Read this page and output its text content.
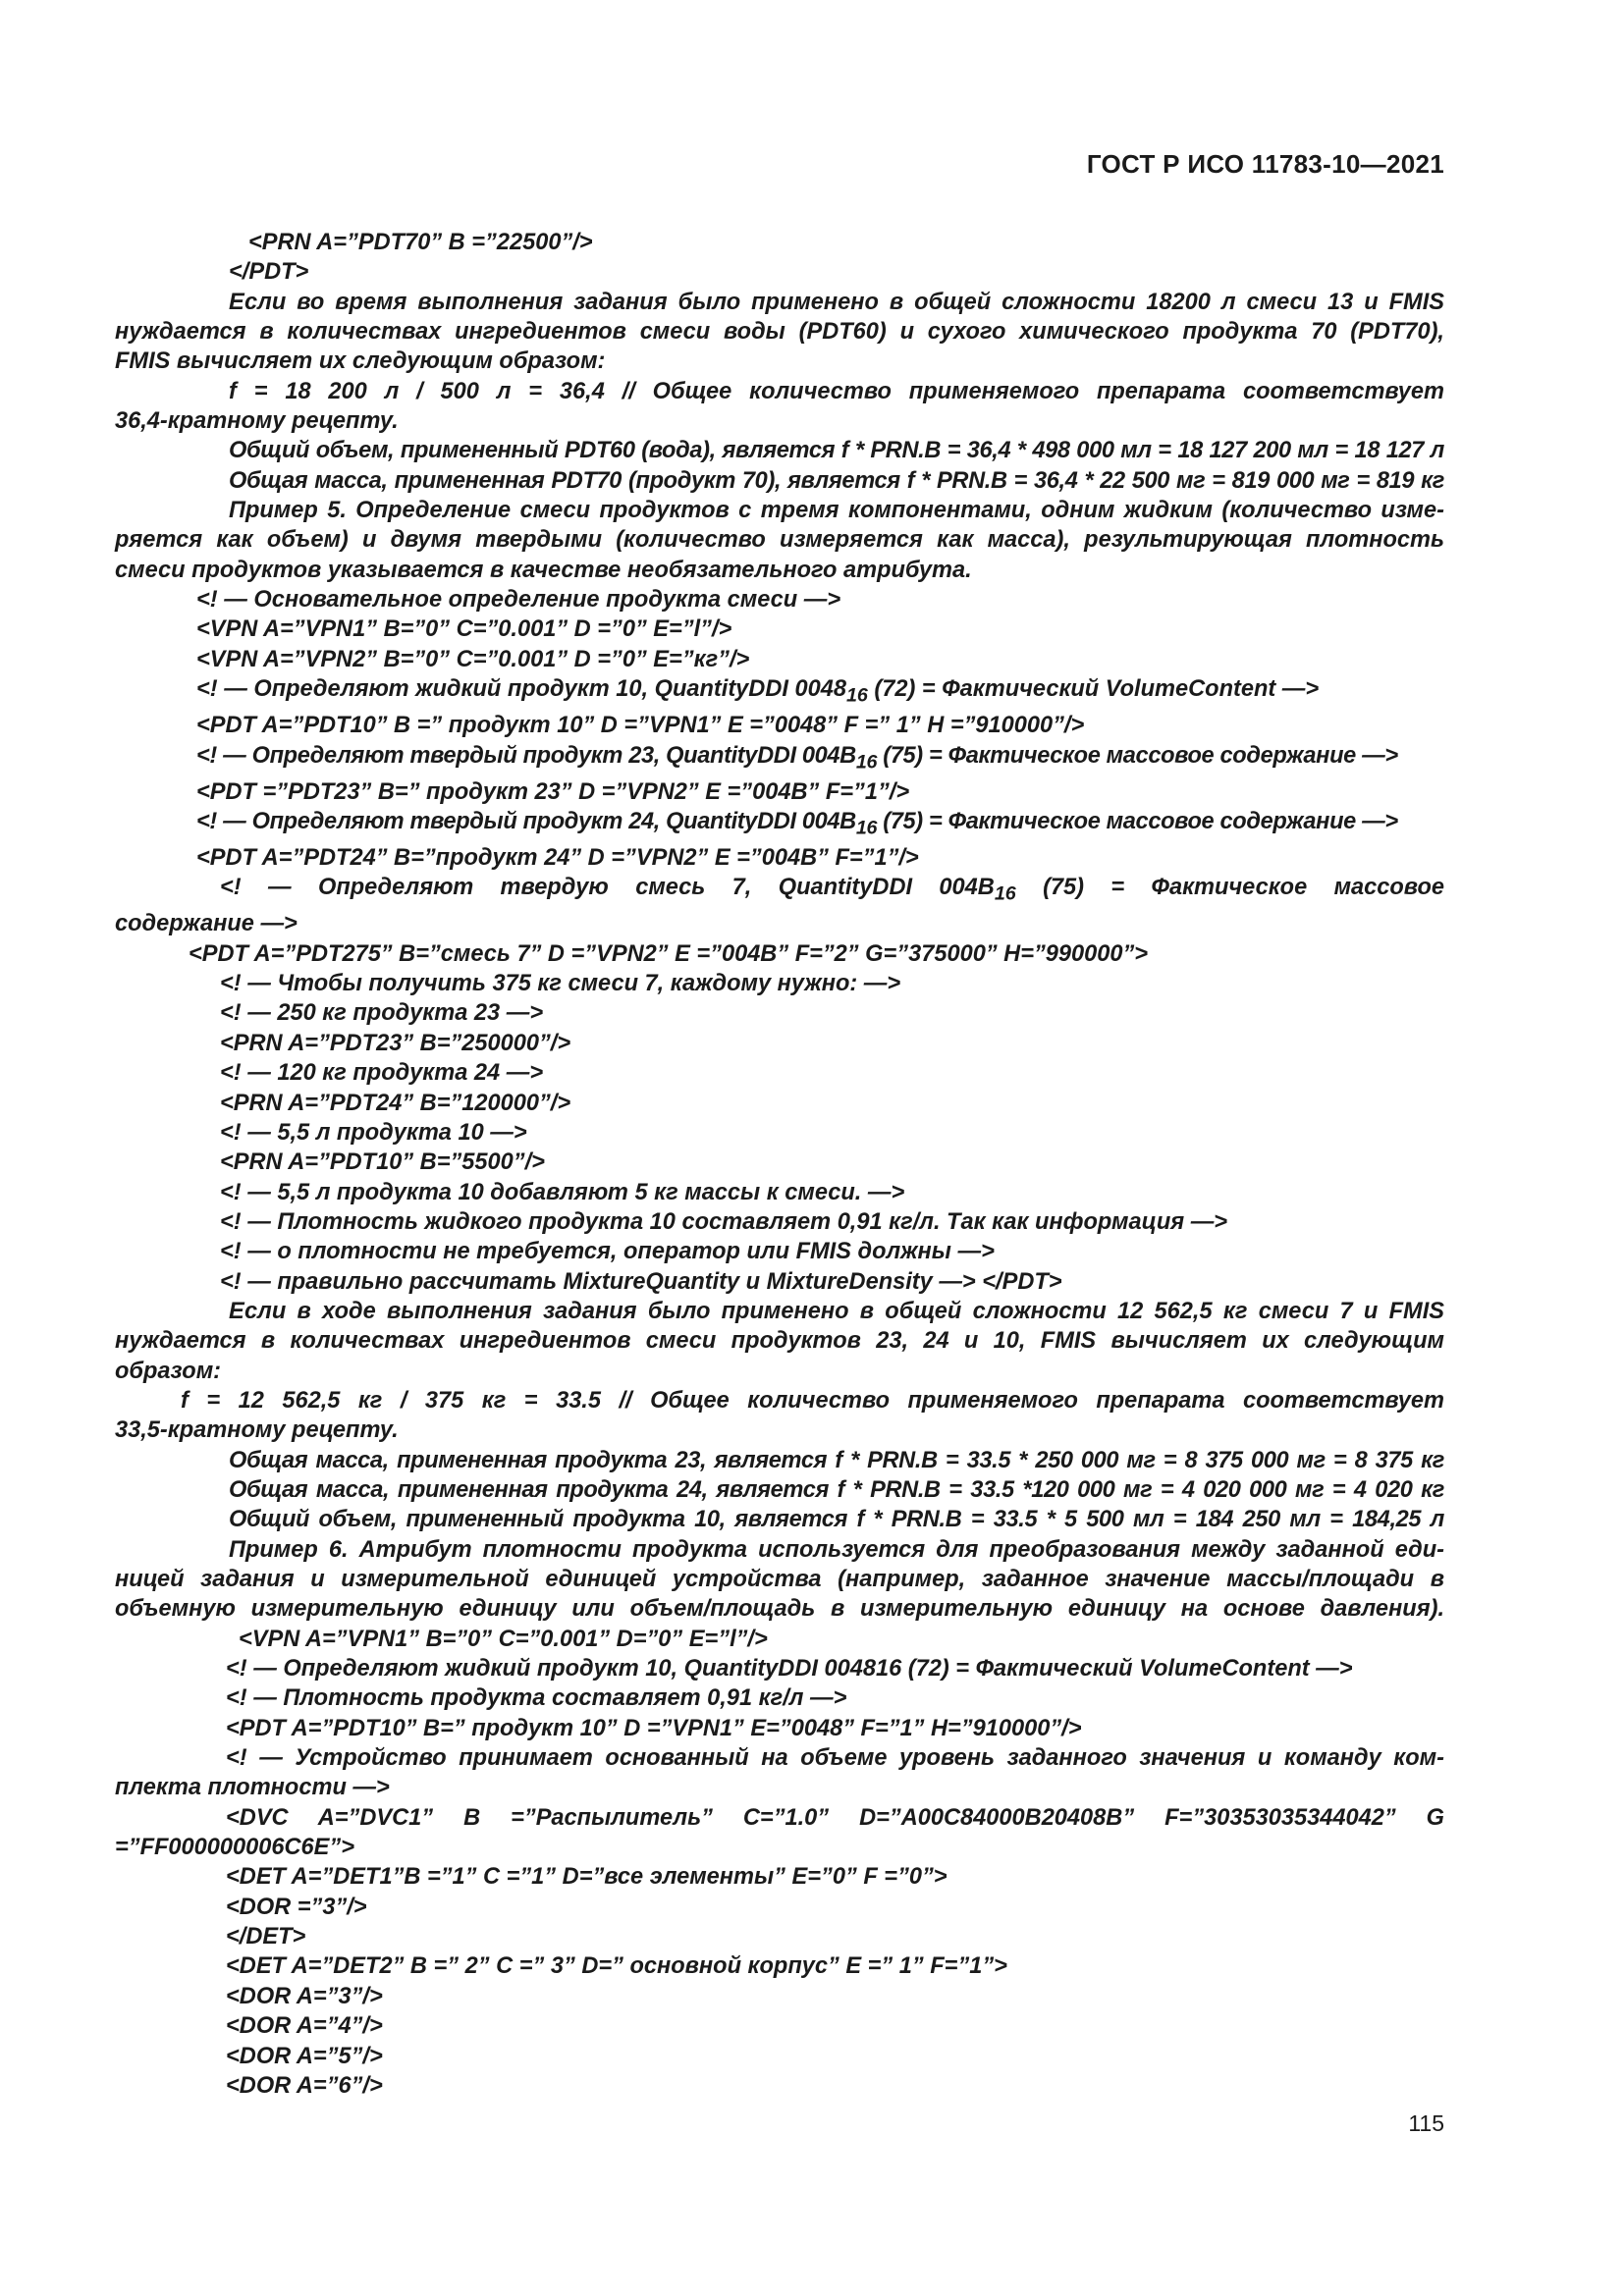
ГОСТ Р ИСО 11783-10—2021
<PRN A=”PDT70” B =”22500”/>
</PDT>
Если во время выполнения задания было применено в общей сложности 18200 л смеси 13 и FMIS
нуждается в количествах ингредиентов смеси воды (PDT60) и сухого химического продукта 70 (PDT70),
FMIS вычисляет их следующим образом:
f = 18 200 л / 500 л = 36,4 // Общее количество применяемого препарата соответствует
36,4-кратному рецепту.
Общий объем, примененный PDT60 (вода), является f * PRN.B = 36,4 * 498 000 мл = 18 127 200 мл = 18 127 л
Общая масса, примененная PDT70 (продукт 70), является f * PRN.B = 36,4 * 22 500 мг = 819 000 мг = 819 кг
Пример 5. Определение смеси продуктов с тремя компонентами, одним жидким (количество изме-
ряется как объем) и двумя твердыми (количество измеряется как масса), результирующая плотность
смеси продуктов указывается в качестве необязательного атрибута.
<! — Основательное определение продукта смеси —>
<VPN A=”VPN1” B=”0” C=”0.001” D =”0” E=”l”/>
<VPN A=”VPN2” B=”0” C=”0.001” D =”0” E=”кг”/>
<! — Определяют жидкий продукт 10, QuantityDDI $0048_{16}$ (72) = Фактический VolumeContent —>
<PDT A=”PDT10” B =” продукт 10” D =”VPN1” E =”0048” F =” 1” H =”910000”/>
<! — Определяют твердый продукт 23, QuantityDDI $004B_{16}$ (75) = Фактическое массовое содержание —>
<PDT =”PDT23” B=” продукт 23” D =”VPN2” E =”004B” F=”1”/>
<! — Определяют твердый продукт 24, QuantityDDI $004B_{16}$ (75) = Фактическое массовое содержание —>
<PDT A=”PDT24” B=”продукт 24” D =”VPN2” E =”004B” F=”1”/>
<! — Определяют твердую смесь 7, QuantityDDI $004B_{16}$ (75) = Фактическое массовое
содержание —>
<PDT A=”PDT275” B=”смесь 7” D =”VPN2” E =”004B” F=”2” G=”375000” H=”990000”>
<! — Чтобы получить 375 кг смеси 7, каждому нужно: —>
<! — 250 кг продукта 23 —>
<PRN A=”PDT23” B=”250000”/>
<! — 120 кг продукта 24 —>
<PRN A=”PDT24” B=”120000”/>
<! — 5,5 л продукта 10 —>
<PRN A=”PDT10” B=”5500”/>
<! — 5,5 л продукта 10 добавляют 5 кг массы к смеси. —>
<! — Плотность жидкого продукта 10 составляет 0,91 кг/л. Так как информация —>
<! — о плотности не требуется, оператор или FMIS должны —>
<! — правильно рассчитать MixtureQuantity и MixtureDensity —> </PDT>
Если в ходе выполнения задания было применено в общей сложности 12 562,5 кг смеси 7 и FMIS
нуждается в количествах ингредиентов смеси продуктов 23, 24 и 10, FMIS вычисляет их следующим
образом:
f = 12 562,5 кг / 375 кг = 33.5 // Общее количество применяемого препарата соответствует
33,5-кратному рецепту.
Общая масса, примененная продукта 23, является f * PRN.B = 33.5 * 250 000 мг = 8 375 000 мг = 8 375 кг
Общая масса, примененная продукта 24, является f * PRN.B = 33.5 *120 000 мг = 4 020 000 мг = 4 020 кг
Общий объем, примененный продукта 10, является f * PRN.B = 33.5 * 5 500 мл = 184 250 мл = 184,25 л
Пример 6. Атрибут плотности продукта используется для преобразования между заданной еди-
ницей задания и измерительной единицей устройства (например, заданное значение массы/площади в
объемную измерительную единицу или объем/площадь в измерительную единицу на основе давления).
<VPN A=”VPN1” B=”0” C=”0.001” D=”0” E=”l”/>
<! — Определяют жидкий продукт 10, QuantityDDI 004816 (72) = Фактический VolumeContent —>
<! — Плотность продукта составляет 0,91 кг/л —>
<PDT A=”PDT10” B=” продукт 10” D =”VPN1” E=”0048” F=”1” H=”910000”/>
<! — Устройство принимает основанный на объеме уровень заданного значения и команду ком-
плекта плотности —>
<DVC A=”DVC1” B =”Распылитель” C=”1.0” D=”A00C84000B20408B” F=”30353035344042” G
=”FF000000006C6E”>
<DET A=”DET1”B =”1” C =”1” D=”все элементы” E=”0” F =”0”>
<DOR =”3”/>
</DET>
<DET A=”DET2” B =” 2” C =” 3” D=” основной корпус” E =” 1” F=”1”>
<DOR A=”3”/>
<DOR A=”4”/>
<DOR A=”5”/>
<DOR A=”6”/>
115
